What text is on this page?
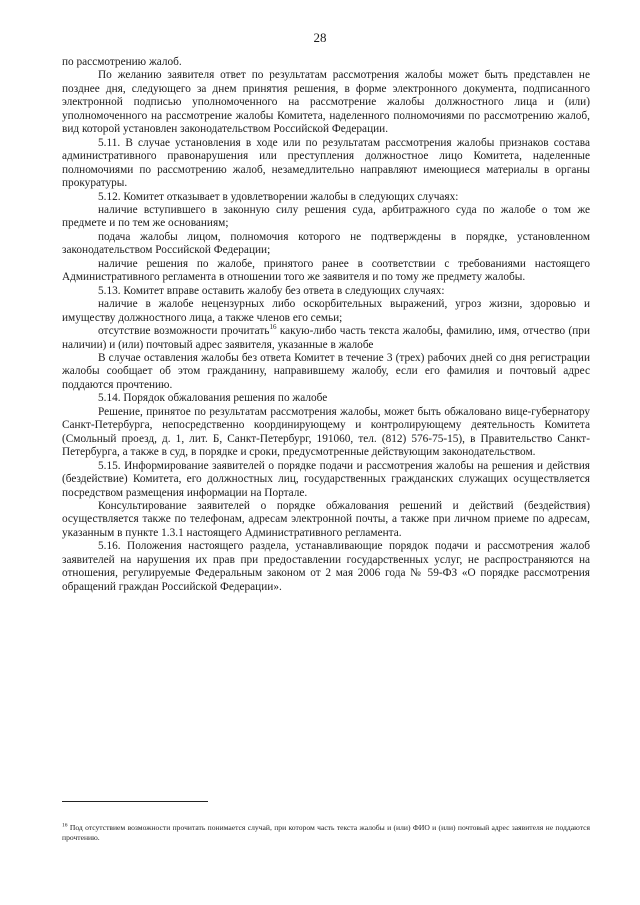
28

по рассмотрению жалоб.

По желанию заявителя ответ по результатам рассмотрения жалобы может быть представлен не позднее дня, следующего за днем принятия решения, в форме электронного документа, подписанного электронной подписью уполномоченного на рассмотрение жалобы должностного лица и (или) уполномоченного на рассмотрение жалобы Комитета, наделенного полномочиями по рассмотрению жалоб, вид которой установлен законодательством Российской Федерации.

5.11. В случае установления в ходе или по результатам рассмотрения жалобы признаков состава административного правонарушения или преступления должностное лицо Комитета, наделенные полномочиями по рассмотрению жалоб, незамедлительно направляют имеющиеся материалы в органы прокуратуры.

5.12. Комитет отказывает в удовлетворении жалобы в следующих случаях:

наличие вступившего в законную силу решения суда, арбитражного суда по жалобе о том же предмете и по тем же основаниям;

подача жалобы лицом, полномочия которого не подтверждены в порядке, установленном законодательством Российской Федерации;

наличие решения по жалобе, принятого ранее в соответствии с требованиями настоящего Административного регламента в отношении того же заявителя и по тому же предмету жалобы.

5.13. Комитет вправе оставить жалобу без ответа в следующих случаях:

наличие в жалобе нецензурных либо оскорбительных выражений, угроз жизни, здоровью и имуществу должностного лица, а также членов его семьи;

отсутствие возможности прочитать$^{16}$ какую-либо часть текста жалобы, фамилию, имя, отчество (при наличии) и (или) почтовый адрес заявителя, указанные в жалобе

В случае оставления жалобы без ответа Комитет в течение 3 (трех) рабочих дней со дня регистрации жалобы сообщает об этом гражданину, направившему жалобу, если его фамилия и почтовый адрес поддаются прочтению.

5.14. Порядок обжалования решения по жалобе

Решение, принятое по результатам рассмотрения жалобы, может быть обжаловано вице-губернатору Санкт-Петербурга, непосредственно координирующему и контролирующему деятельность Комитета (Смольный проезд, д. 1, лит. Б, Санкт-Петербург, 191060, тел. (812) 576-75-15), в Правительство Санкт-Петербурга, а также в суд, в порядке и сроки, предусмотренные действующим законодательством.

5.15. Информирование заявителей о порядке подачи и рассмотрения жалобы на решения и действия (бездействие) Комитета, его должностных лиц, государственных гражданских служащих осуществляется посредством размещения информации на Портале.

Консультирование заявителей о порядке обжалования решений и действий (бездействия) осуществляется также по телефонам, адресам электронной почты, а также при личном приеме по адресам, указанным в пункте 1.3.1 настоящего Административного регламента.

5.16. Положения настоящего раздела, устанавливающие порядок подачи и рассмотрения жалоб заявителей на нарушения их прав при предоставлении государственных услуг, не распространяются на отношения, регулируемые Федеральным законом от 2 мая 2006 года № 59-ФЗ «О порядке рассмотрения обращений граждан Российской Федерации».

$^{16}$ Под отсутствием возможности прочитать понимается случай, при котором часть текста жалобы и (или) ФИО и (или) почтовый адрес заявителя не поддаются прочтению.
